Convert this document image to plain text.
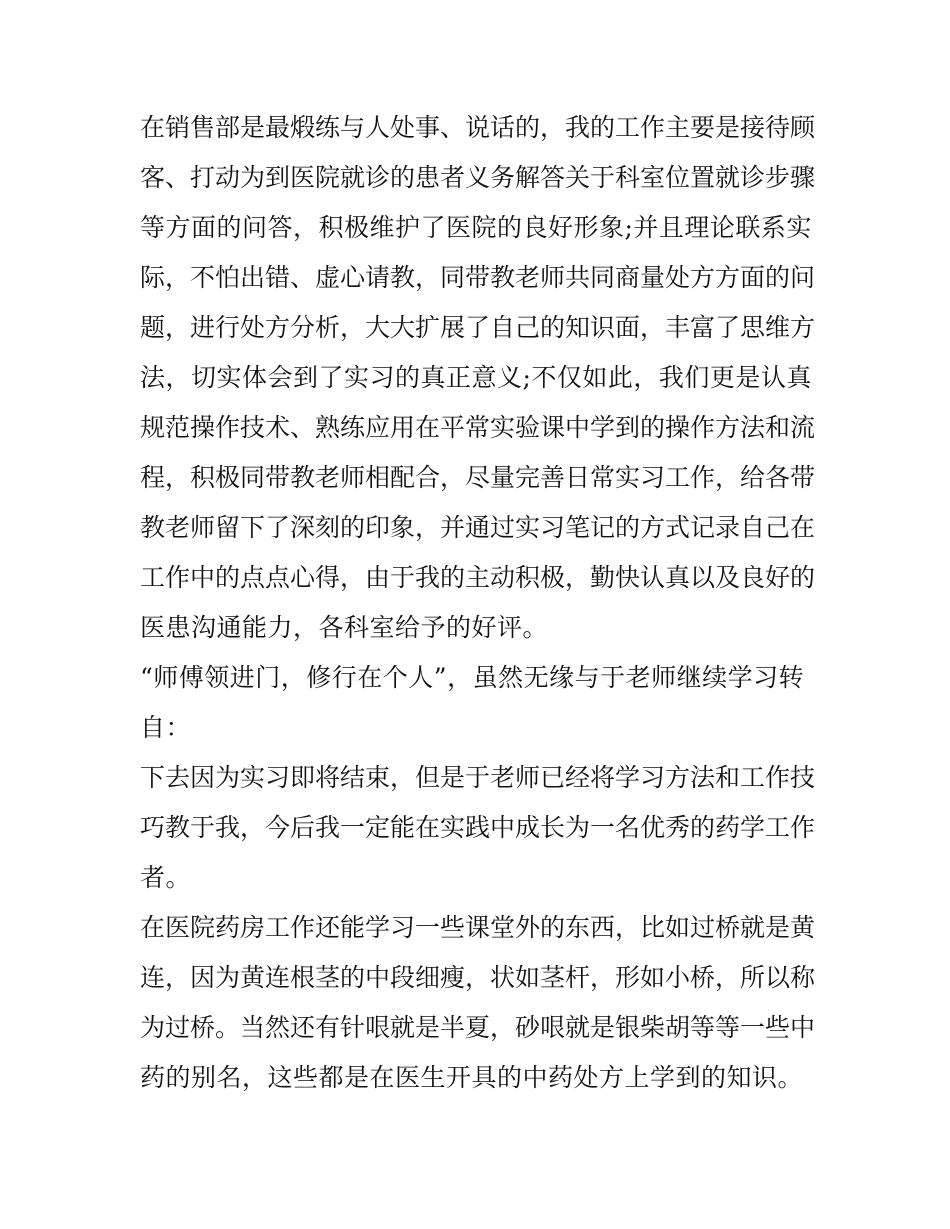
在销售部是最煅练与人处事、说话的，我的工作主要是接待顾
客、打动为到医院就诊的患者义务解答关于科室位置就诊步骤
等方面的问答，积极维护了医院的良好形象;并且理论联系实
际，不怕出错、虚心请教，同带教老师共同商量处方方面的问
题，进行处方分析，大大扩展了自己的知识面，丰富了思维方
法，切实体会到了实习的真正意义;不仅如此，我们更是认真
规范操作技术、熟练应用在平常实验课中学到的操作方法和流
程，积极同带教老师相配合，尽量完善日常实习工作，给各带
教老师留下了深刻的印象，并通过实习笔记的方式记录自己在
工作中的点点心得，由于我的主动积极，勤快认真以及良好的
医患沟通能力，各科室给予的好评。
“师傅领进门，修行在个人”，虽然无缘与于老师继续学习转
自：
下去因为实习即将结束，但是于老师已经将学习方法和工作技
巧教于我，今后我一定能在实践中成长为一名优秀的药学工作
者。
在医院药房工作还能学习一些课堂外的东西，比如过桥就是黄
连，因为黄连根茎的中段细瘦，状如茎杆，形如小桥，所以称
为过桥。当然还有针哏就是半夏，砂哏就是银柴胡等等一些中
药的别名，这些都是在医生开具的中药处方上学到的知识。
